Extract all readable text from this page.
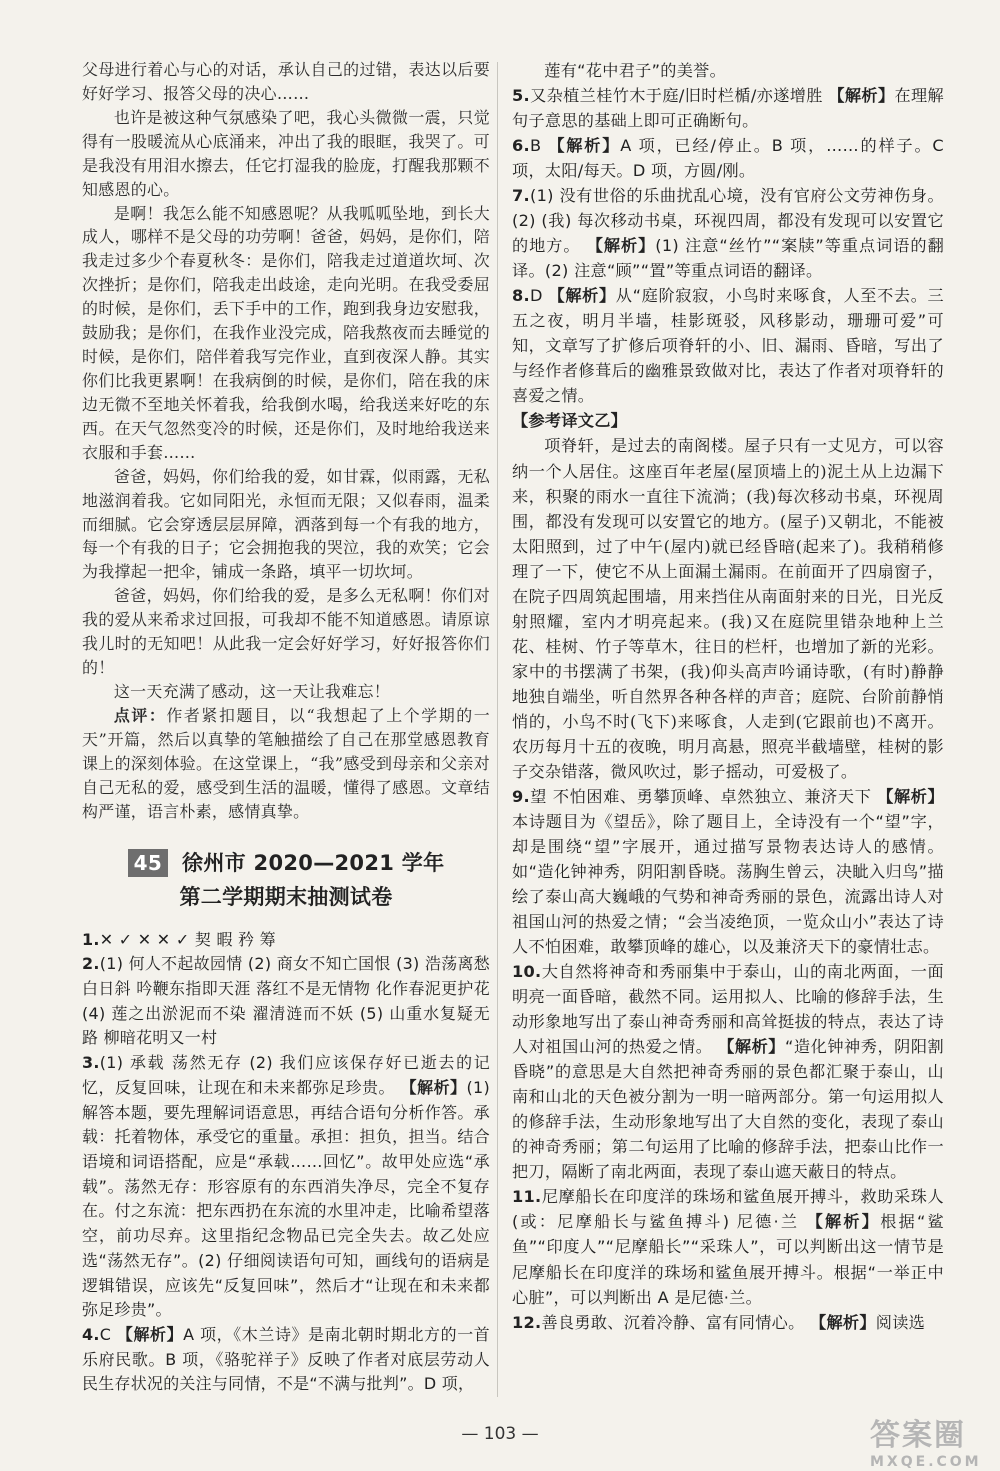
父母进行着心与心的对话，承认自己的过错，表达以后要好好学习、报答父母的决心……

也许是被这种气氛感染了吧，我心头微微一震，只觉得有一股暖流从心底涌来，冲出了我的眼眶，我哭了。可是我没有用泪水擦去，任它打湿我的脸庞，打醒我那颗不知感恩的心。

是啊！我怎么能不知感恩呢？从我呱呱坠地，到长大成人，哪样不是父母的功劳啊！爸爸，妈妈，是你们，陪我走过多少个春夏秋冬：是你们，陪我走过道道坎坷、次次挫折；是你们，陪我走出歧途，走向光明。在我受委屈的时候，是你们，丢下手中的工作，跑到我身边安慰我，鼓励我；是你们，在我作业没完成，陪我熬夜而去睡觉的时候，是你们，陪伴着我写完作业，直到夜深人静。其实你们比我更累啊！在我病倒的时候，是你们，陪在我的床边无微不至地关怀着我，给我倒水喝，给我送来好吃的东西。在天气忽然变冷的时候，还是你们，及时地给我送来衣服和手套……

爸爸，妈妈，你们给我的爱，如甘霖，似雨露，无私地滋润着我。它如同阳光，永恒而无限；又似春雨，温柔而细腻。它会穿透层层屏障，洒落到每一个有我的地方，每一个有我的日子；它会拥抱我的哭泣，我的欢笑；它会为我撑起一把伞，铺成一条路，填平一切坎坷。

爸爸，妈妈，你们给我的爱，是多么无私啊！你们对我的爱从来希求过回报，可我却不能不知道感恩。请原谅我儿时的无知吧！从此我一定会好好学习，好好报答你们的！

这一天充满了感动，这一天让我难忘！

点评：作者紧扣题目，以“我想起了上个学期的一天”开篇，然后以真挚的笔触描绘了自己在那堂感恩教育课上的深刻体验。在这堂课上，“我”感受到母亲和父亲对自己无私的爱，感受到生活的温暖，懂得了感恩。文章结构严谨，语言朴素，感情真挚。

45 徐州市 2020—2021 学年
第二学期期末抽测试卷

1.✕ ✓ ✕ ✕ ✓ 契 暇 矜 筹

2.(1) 何人不起故园情 (2) 商女不知亡国恨 (3) 浩荡离愁白日斜 吟鞭东指即天涯 落红不是无情物 化作春泥更护花 (4) 莲之出淤泥而不染 濯清涟而不妖 (5) 山重水复疑无路 柳暗花明又一村

3.(1) 承载 荡然无存 (2) 我们应该保存好已逝去的记忆，反复回味，让现在和未来都弥足珍贵。 【解析】(1) 解答本题，要先理解词语意思，再结合语句分析作答。承载：托着物体，承受它的重量。承担：担负，担当。结合语境和词语搭配，应是“承载……回忆”。故甲处应选“承载”。荡然无存：形容原有的东西消失净尽，完全不复存在。付之东流：把东西扔在东流的水里冲走，比喻希望落空，前功尽弃。这里指纪念物品已完全失去。故乙处应选“荡然无存”。(2) 仔细阅读语句可知，画线句的语病是逻辑错误，应该先“反复回味”，然后才“让现在和未来都弥足珍贵”。

4.C 【解析】A 项，《木兰诗》是南北朝时期北方的一首乐府民歌。B 项，《骆驼祥子》反映了作者对底层劳动人民生存状况的关注与同情，不是“不满与批判”。D 项，

莲有“花中君子”的美誉。

5.又杂植兰桂竹木于庭/旧时栏楯/亦遂增胜 【解析】在理解句子意思的基础上即可正确断句。

6.B 【解析】A 项，已经/停止。B 项，……的样子。C 项，太阳/每天。D 项，方圆/刚。

7.(1) 没有世俗的乐曲扰乱心境，没有官府公文劳神伤身。(2) (我) 每次移动书桌，环视四周，都没有发现可以安置它的地方。 【解析】(1) 注意“丝竹”“案牍”等重点词语的翻译。(2) 注意“顾”“置”等重点词语的翻译。

8.D 【解析】从“庭阶寂寂，小鸟时来啄食，人至不去。三五之夜，明月半墙，桂影斑驳，风移影动，珊珊可爱”可知，文章写了扩修后项脊轩的小、旧、漏雨、昏暗，写出了与经作者修葺后的幽雅景致做对比，表达了作者对项脊轩的喜爱之情。

【参考译文乙】

项脊轩，是过去的南阁楼。屋子只有一丈见方，可以容纳一个人居住。这座百年老屋(屋顶墙上的)泥土从上边漏下来，积聚的雨水一直往下流淌；(我)每次移动书桌，环视周围，都没有发现可以安置它的地方。(屋子)又朝北，不能被太阳照到，过了中午(屋内)就已经昏暗(起来了)。我稍稍修理了一下，使它不从上面漏土漏雨。在前面开了四扇窗子，在院子四周筑起围墙，用来挡住从南面射来的日光，日光反射照耀，室内才明亮起来。(我)又在庭院里错杂地种上兰花、桂树、竹子等草木，往日的栏杆，也增加了新的光彩。家中的书摆满了书架，(我)仰头高声吟诵诗歌，(有时)静静地独自端坐，听自然界各种各样的声音；庭院、台阶前静悄悄的，小鸟不时(飞下)来啄食，人走到(它跟前也)不离开。农历每月十五的夜晚，明月高悬，照亮半截墙壁，桂树的影子交杂错落，微风吹过，影子摇动，可爱极了。

9.望 不怕困难、勇攀顶峰、卓然独立、兼济天下 【解析】本诗题目为《望岳》，除了题目上，全诗没有一个“望”字，却是围绕“望”字展开，通过描写景物表达诗人的感情。如“造化钟神秀，阴阳割昏晓。荡胸生曾云，决眦入归鸟”描绘了泰山高大巍峨的气势和神奇秀丽的景色，流露出诗人对祖国山河的热爱之情；“会当凌绝顶，一览众山小”表达了诗人不怕困难，敢攀顶峰的雄心，以及兼济天下的豪情壮志。

10.大自然将神奇和秀丽集中于泰山，山的南北两面，一面明亮一面昏暗，截然不同。运用拟人、比喻的修辞手法，生动形象地写出了泰山神奇秀丽和高耸挺拔的特点，表达了诗人对祖国山河的热爱之情。 【解析】“造化钟神秀，阴阳割昏晓”的意思是大自然把神奇秀丽的景色都汇聚于泰山，山南和山北的天色被分割为一明一暗两部分。第一句运用拟人的修辞手法，生动形象地写出了大自然的变化，表现了泰山的神奇秀丽；第二句运用了比喻的修辞手法，把泰山比作一把刀，隔断了南北两面，表现了泰山遮天蔽日的特点。

11.尼摩船长在印度洋的珠场和鲨鱼展开搏斗，救助采珠人(或：尼摩船长与鲨鱼搏斗) 尼德·兰 【解析】根据“鲨鱼”“印度人”“尼摩船长”“采珠人”，可以判断出这一情节是尼摩船长在印度洋的珠场和鲨鱼展开搏斗。根据“一举正中心脏”，可以判断出 A 是尼德·兰。

12.善良勇敢、沉着冷静、富有同情心。 【解析】阅读选

— 103 —	答案圈
MXQE.COM
